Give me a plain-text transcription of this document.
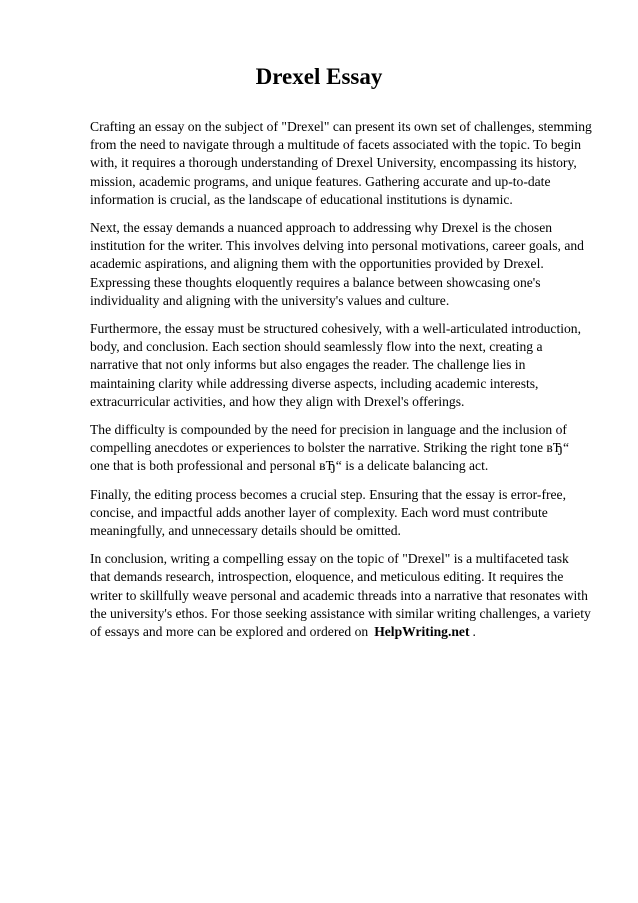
Drexel Essay

Crafting an essay on the subject of "Drexel" can present its own set of challenges, stemming from the need to navigate through a multitude of facets associated with the topic. To begin with, it requires a thorough understanding of Drexel University, encompassing its history, mission, academic programs, and unique features. Gathering accurate and up-to-date information is crucial, as the landscape of educational institutions is dynamic.

Next, the essay demands a nuanced approach to addressing why Drexel is the chosen institution for the writer. This involves delving into personal motivations, career goals, and academic aspirations, and aligning them with the opportunities provided by Drexel. Expressing these thoughts eloquently requires a balance between showcasing one's individuality and aligning with the university's values and culture.

Furthermore, the essay must be structured cohesively, with a well-articulated introduction, body, and conclusion. Each section should seamlessly flow into the next, creating a narrative that not only informs but also engages the reader. The challenge lies in maintaining clarity while addressing diverse aspects, including academic interests, extracurricular activities, and how they align with Drexel's offerings.

The difficulty is compounded by the need for precision in language and the inclusion of compelling anecdotes or experiences to bolster the narrative. Striking the right tone вЂ“ one that is both professional and personal вЂ“ is a delicate balancing act.

Finally, the editing process becomes a crucial step. Ensuring that the essay is error-free, concise, and impactful adds another layer of complexity. Each word must contribute meaningfully, and unnecessary details should be omitted.

In conclusion, writing a compelling essay on the topic of "Drexel" is a multifaceted task that demands research, introspection, eloquence, and meticulous editing. It requires the writer to skillfully weave personal and academic threads into a narrative that resonates with the university's ethos. For those seeking assistance with similar writing challenges, a variety of essays and more can be explored and ordered on HelpWriting.net .
